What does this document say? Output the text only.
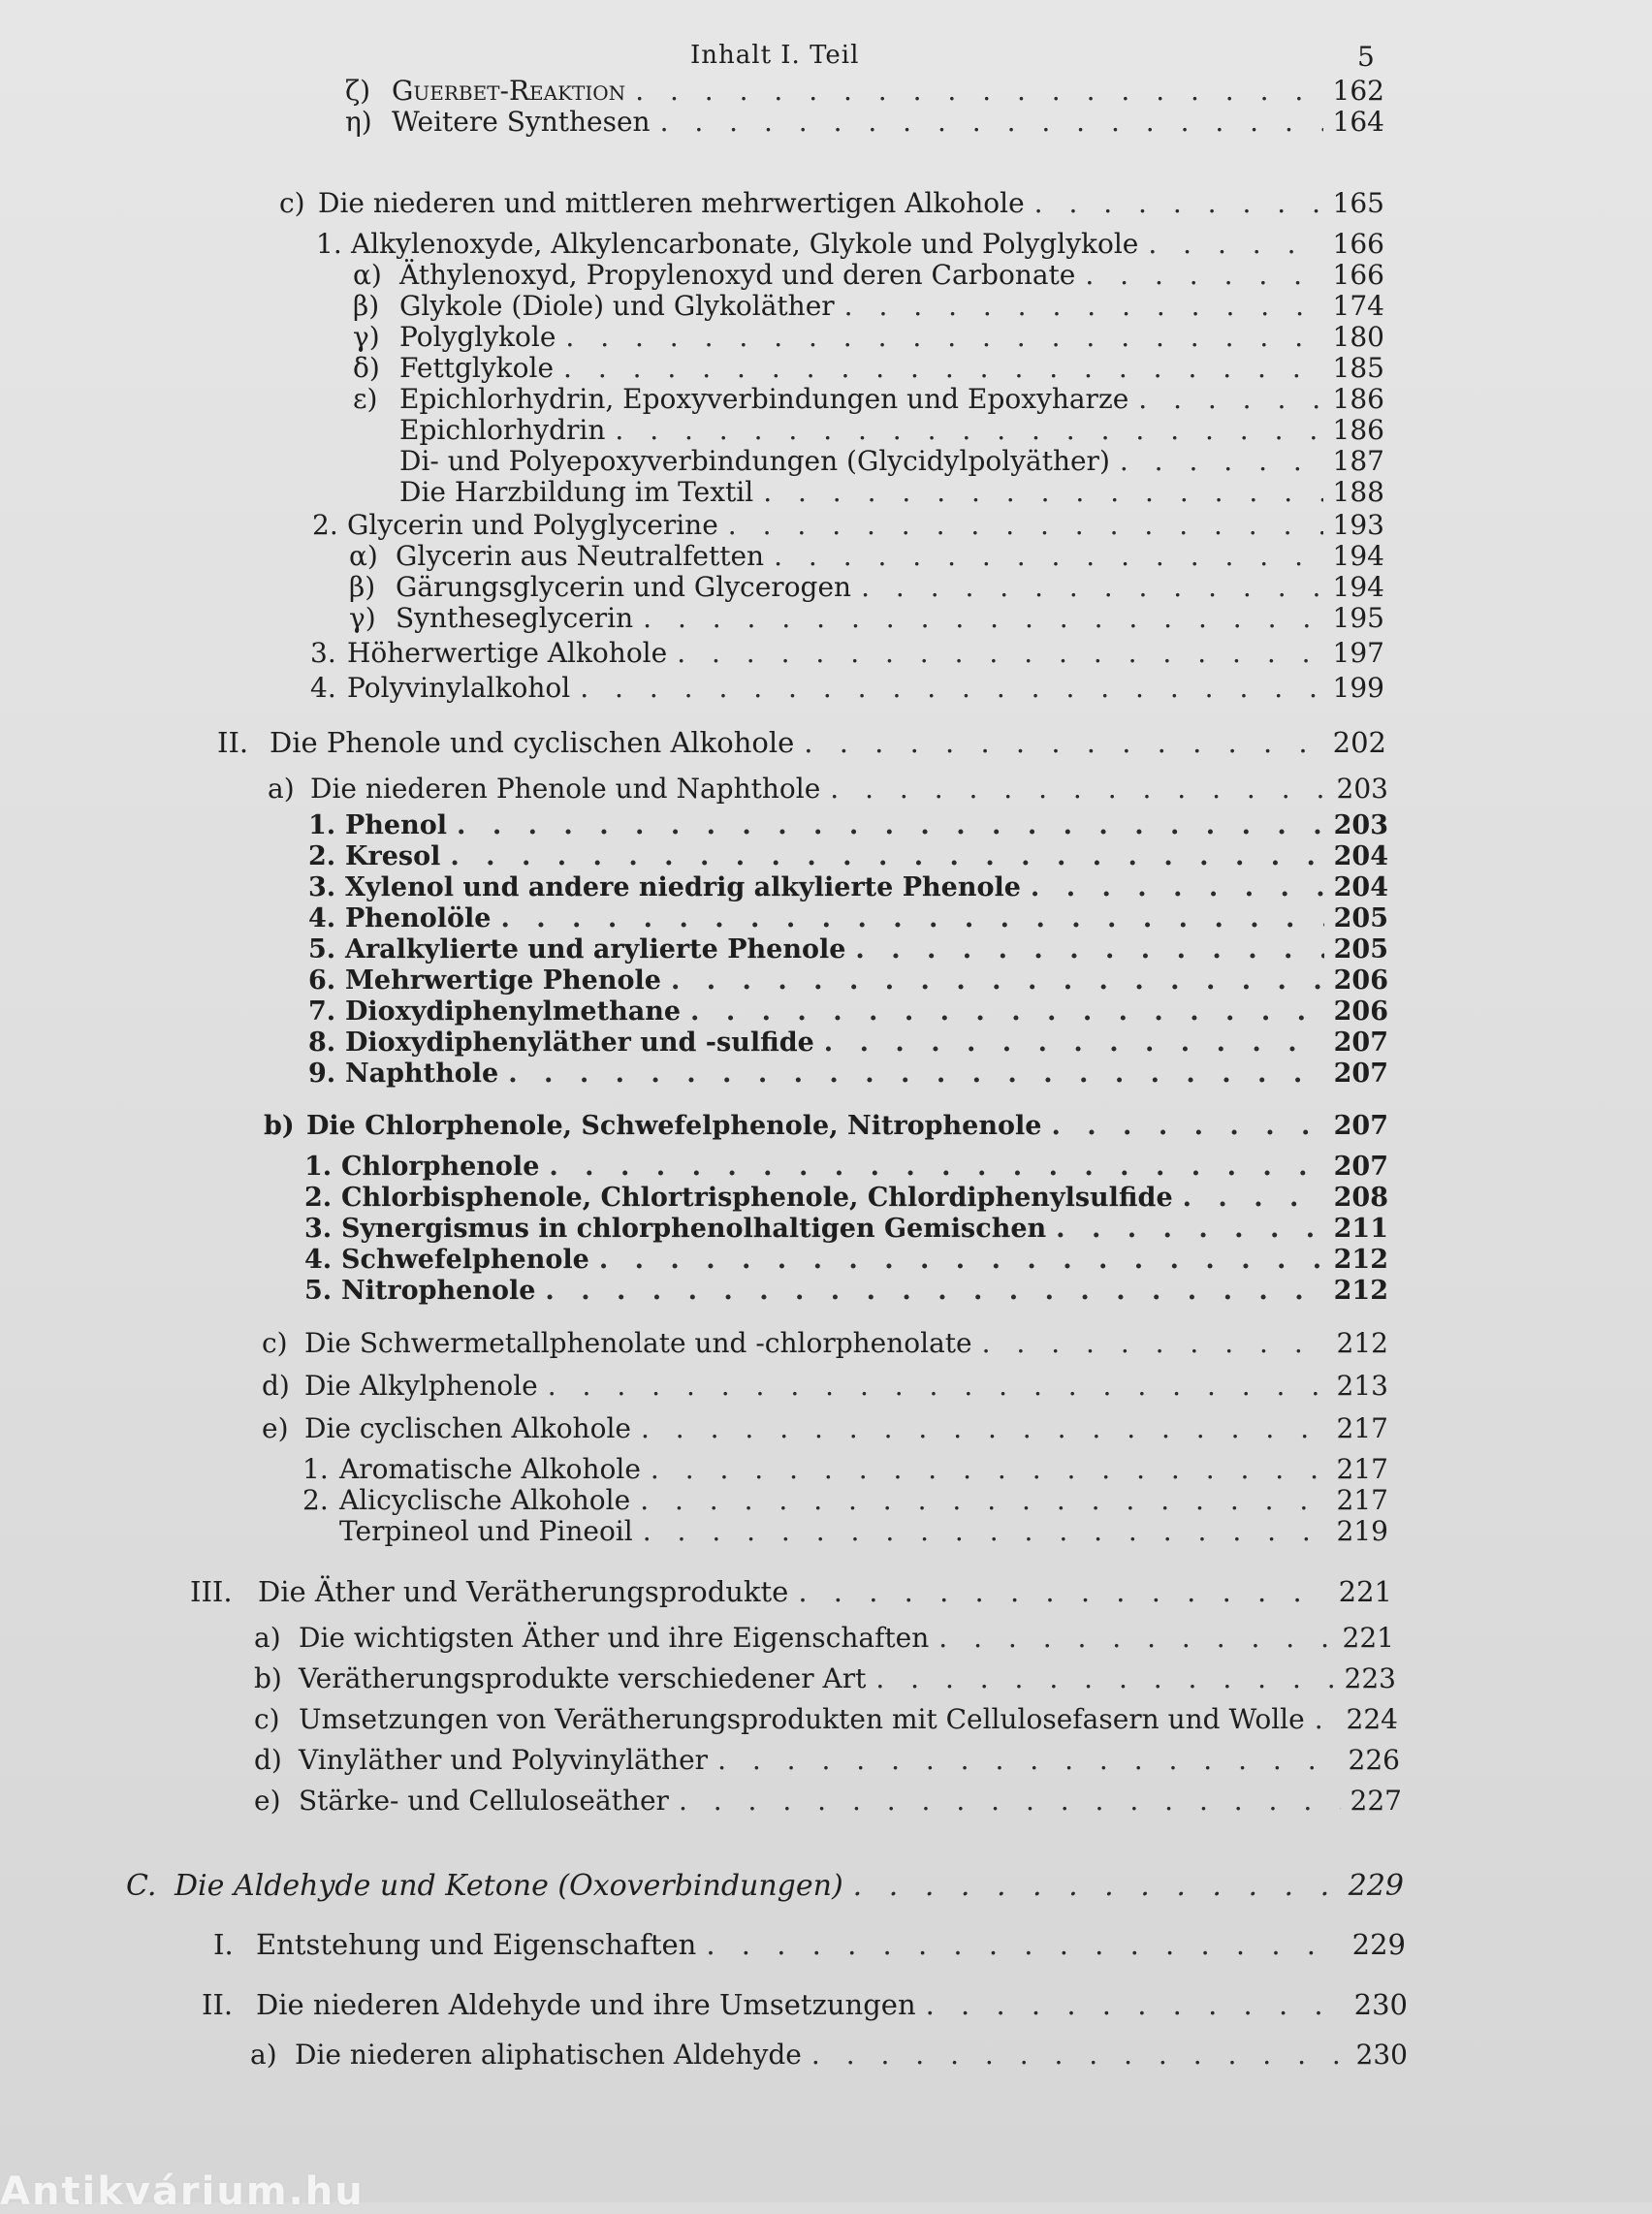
Inhalt I. Teil	5
ζ) Guerbet-Reaktion . . .	162
η) Weitere Synthesen . . .	164
c) Die niederen und mittleren mehrwertigen Alkohole . . .	165
1. Alkylenoxyde, Alkylencarbonate, Glykole und Polyglykole . . .	166
α) Äthylenoxyd, Propylenoxyd und deren Carbonate . . .	166
β) Glykole (Diole) und Glykoläther . . .	174
γ) Polyglykole . . .	180
δ) Fettglykole . . .	185
ε) Epichlorhydrin, Epoxyverbindungen und Epoxyharze . . .	186
Epichlorhydrin . . .	186
Di- und Polyepoxyverbindungen (Glycidylpolyäther) . . .	187
Die Harzbildung im Textil . . .	188
2. Glycerin und Polyglycerine . . .	193
α) Glycerin aus Neutralfetten . . .	194
β) Gärungsglycerin und Glycerogen . . .	194
γ) Syntheseglycerin . . .	195
3. Höherwertige Alkohole . . .	197
4. Polyvinylalkohol . . .	199
II. Die Phenole und cyclischen Alkohole . . .	202
a) Die niederen Phenole und Naphthole . . .	203
1. Phenol . . .	203
2. Kresol . . .	204
3. Xylenol und andere niedrig alkylierte Phenole . . .	204
4. Phenolöle . . .	205
5. Aralkylierte und arylierte Phenole . . .	205
6. Mehrwertige Phenole . . .	206
7. Dioxydiphenylmethane . . .	206
8. Dioxydiphenyläther und -sulfide . . .	207
9. Naphthole . . .	207
b) Die Chlorphenole, Schwefelphenole, Nitrophenole . . .	207
1. Chlorphenole . . .	207
2. Chlorbisphenole, Chlortrisphenole, Chlordiphenylsulfide . . .	208
3. Synergismus in chlorphenolhaltigen Gemischen . . .	211
4. Schwefelphenole . . .	212
5. Nitrophenole . . .	212
c) Die Schwermetallphenolate und -chlorphenolate . . .	212
d) Die Alkylphenole . . .	213
e) Die cyclischen Alkohole . . .	217
1. Aromatische Alkohole . . .	217
2. Alicyclische Alkohole . . .	217
Terpineol und Pineoil . . .	219
III. Die Äther und Verätherungsprodukte . . .	221
a) Die wichtigsten Äther und ihre Eigenschaften . . .	221
b) Verätherungsprodukte verschiedener Art . . .	223
c) Umsetzungen von Verätherungsprodukten mit Cellulosefasern und Wolle . . . 224
d) Vinyläther und Polyvinyläther . . .	226
e) Stärke- und Celluloseäther . . .	227
C. Die Aldehyde und Ketone (Oxoverbindungen) . . .	229
I. Entstehung und Eigenschaften . . .	229
II. Die niederen Aldehyde und ihre Umsetzungen . . .	230
a) Die niederen aliphatischen Aldehyde . . .	230
Antikvárium.hu
